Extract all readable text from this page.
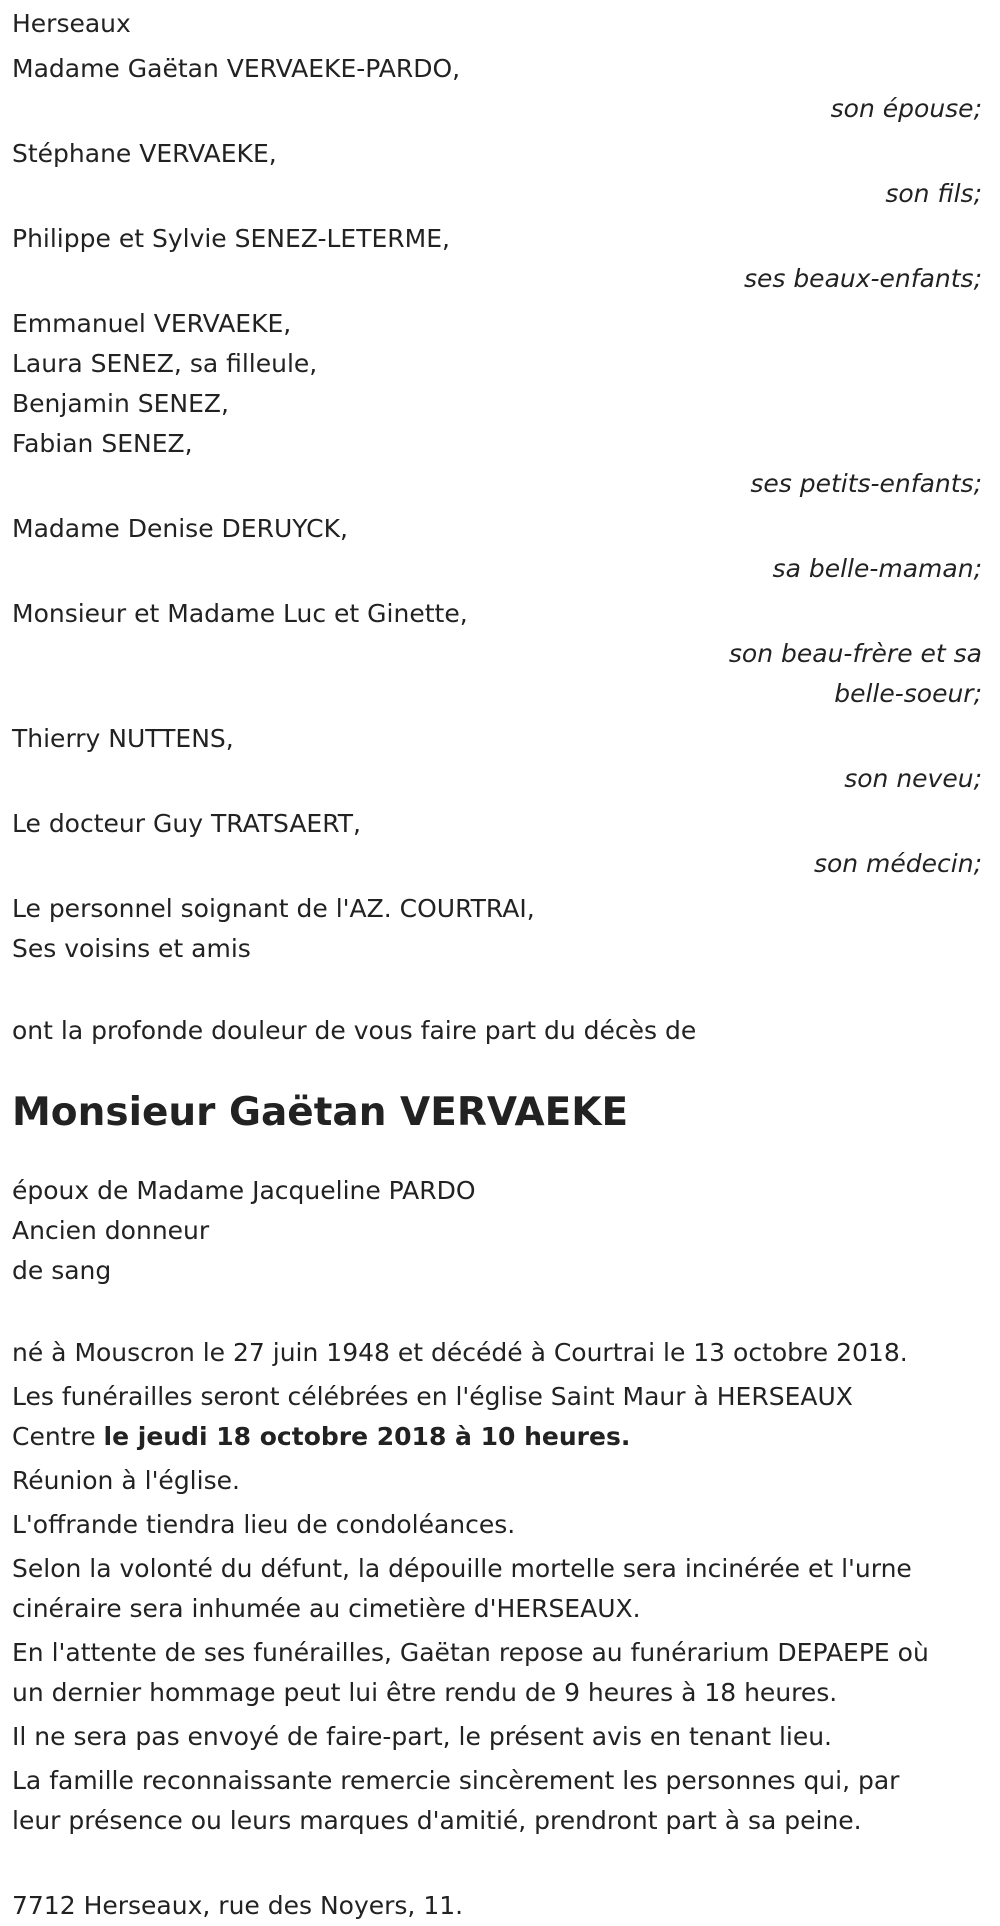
Herseaux
Madame Gaëtan VERVAEKE-PARDO,
son épouse;
Stéphane VERVAEKE,
son fils;
Philippe et Sylvie SENEZ-LETERME,
ses beaux-enfants;
Emmanuel VERVAEKE,
Laura SENEZ, sa filleule,
Benjamin SENEZ,
Fabian SENEZ,
ses petits-enfants;
Madame Denise DERUYCK,
sa belle-maman;
Monsieur et Madame Luc et Ginette,
son beau-frère et sa
belle-soeur;
Thierry NUTTENS,
son neveu;
Le docteur Guy TRATSAERT,
son médecin;
Le personnel soignant de l'AZ. COURTRAI,
Ses voisins et amis
ont la profonde douleur de vous faire part du décès de
Monsieur Gaëtan VERVAEKE
époux de Madame Jacqueline PARDO
Ancien donneur
de sang
né à Mouscron le 27 juin 1948 et décédé à Courtrai le 13 octobre 2018.
Les funérailles seront célébrées en l'église Saint Maur à HERSEAUX
Centre le jeudi 18 octobre 2018 à 10 heures.
Réunion à l'église.
L'offrande tiendra lieu de condoléances.
Selon la volonté du défunt, la dépouille mortelle sera incinérée et l'urne
cinéraire sera inhumée au cimetière d'HERSEAUX.
En l'attente de ses funérailles, Gaëtan repose au funérarium DEPAEPE où
un dernier hommage peut lui être rendu de 9 heures à 18 heures.
Il ne sera pas envoyé de faire-part, le présent avis en tenant lieu.
La famille reconnaissante remercie sincèrement les personnes qui, par
leur présence ou leurs marques d'amitié, prendront part à sa peine.
7712 Herseaux, rue des Noyers, 11.
